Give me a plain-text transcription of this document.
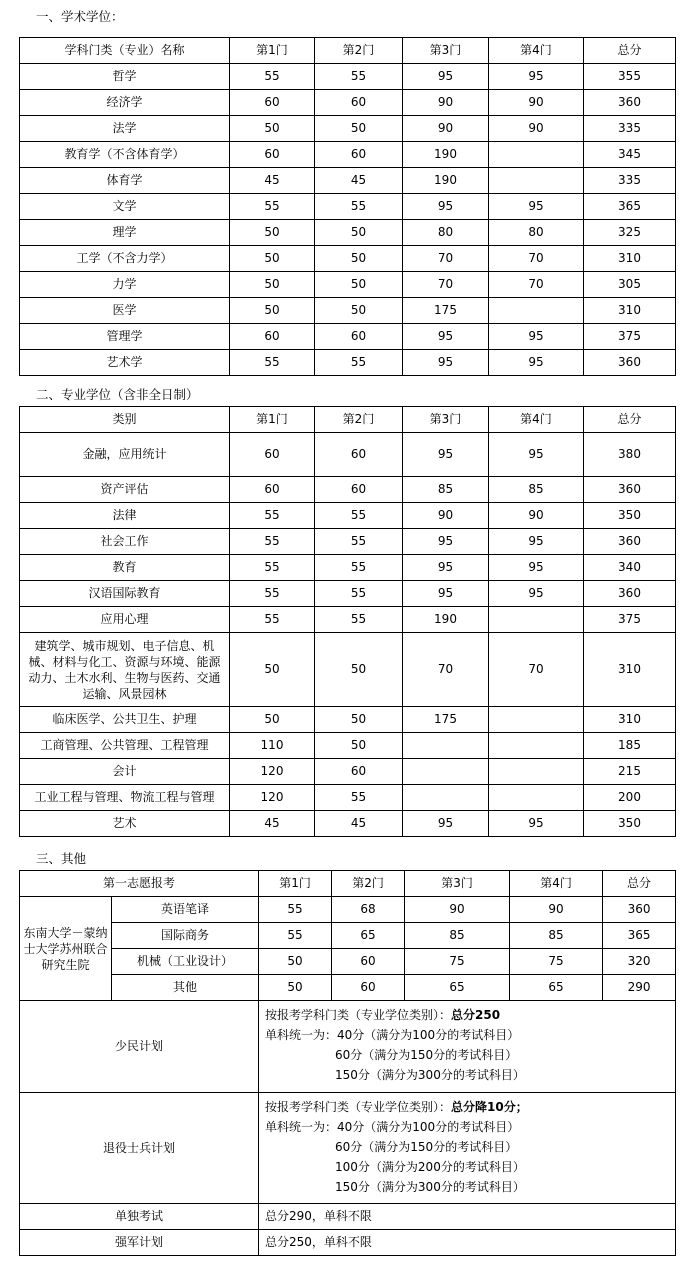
一、学术学位：
学科门类（专业）名称	第1门	第2门	第3门	第4门	总分
哲学	55	55	95	95	355
经济学	60	60	90	90	360
法学	50	50	90	90	335
教育学（不含体育学）	60	60	190		345
体育学	45	45	190		335
文学	55	55	95	95	365
理学	50	50	80	80	325
工学（不含力学）	50	50	70	70	310
力学	50	50	70	70	305
医学	50	50	175		310
管理学	60	60	95	95	375
艺术学	55	55	95	95	360
二、专业学位（含非全日制）
类别	第1门	第2门	第3门	第4门	总分
金融，应用统计	60	60	95	95	380
资产评估	60	60	85	85	360
法律	55	55	90	90	350
社会工作	55	55	95	95	360
教育	55	55	95	95	340
汉语国际教育	55	55	95	95	360
应用心理	55	55	190		375
建筑学、城市规划、电子信息、机械、材料与化工、资源与环境、能源动力、土木水利、生物与医药、交通运输、风景园林	50	50	70	70	310
临床医学、公共卫生、护理	50	50	175		310
工商管理、公共管理、工程管理	110	50			185
会计	120	60			215
工业工程与管理、物流工程与管理	120	55			200
艺术	45	45	95	95	350
三、其他
第一志愿报考		第1门	第2门	第3门	第4门	总分
东南大学－蒙纳士大学苏州联合研究生院	英语笔译	55	68	90	90	360
	国际商务	55	65	85	85	365
	机械（工业设计）	50	60	75	75	320
	其他	50	60	65	65	290
少民计划		按报考学科门类（专业学位类别）：总分250
单科统一为：40分（满分为100分的考试科目）
60分（满分为150分的考试科目）
150分（满分为300分的考试科目）				

退役士兵计划		按报考学科门类（专业学位类别）：总分降10分；
单科统一为：40分（满分为100分的考试科目）
60分（满分为150分的考试科目）
100分（满分为200分的考试科目）
150分（满分为300分的考试科目）				

单独考试		总分290，单科不限				
强军计划		总分250，单科不限				
